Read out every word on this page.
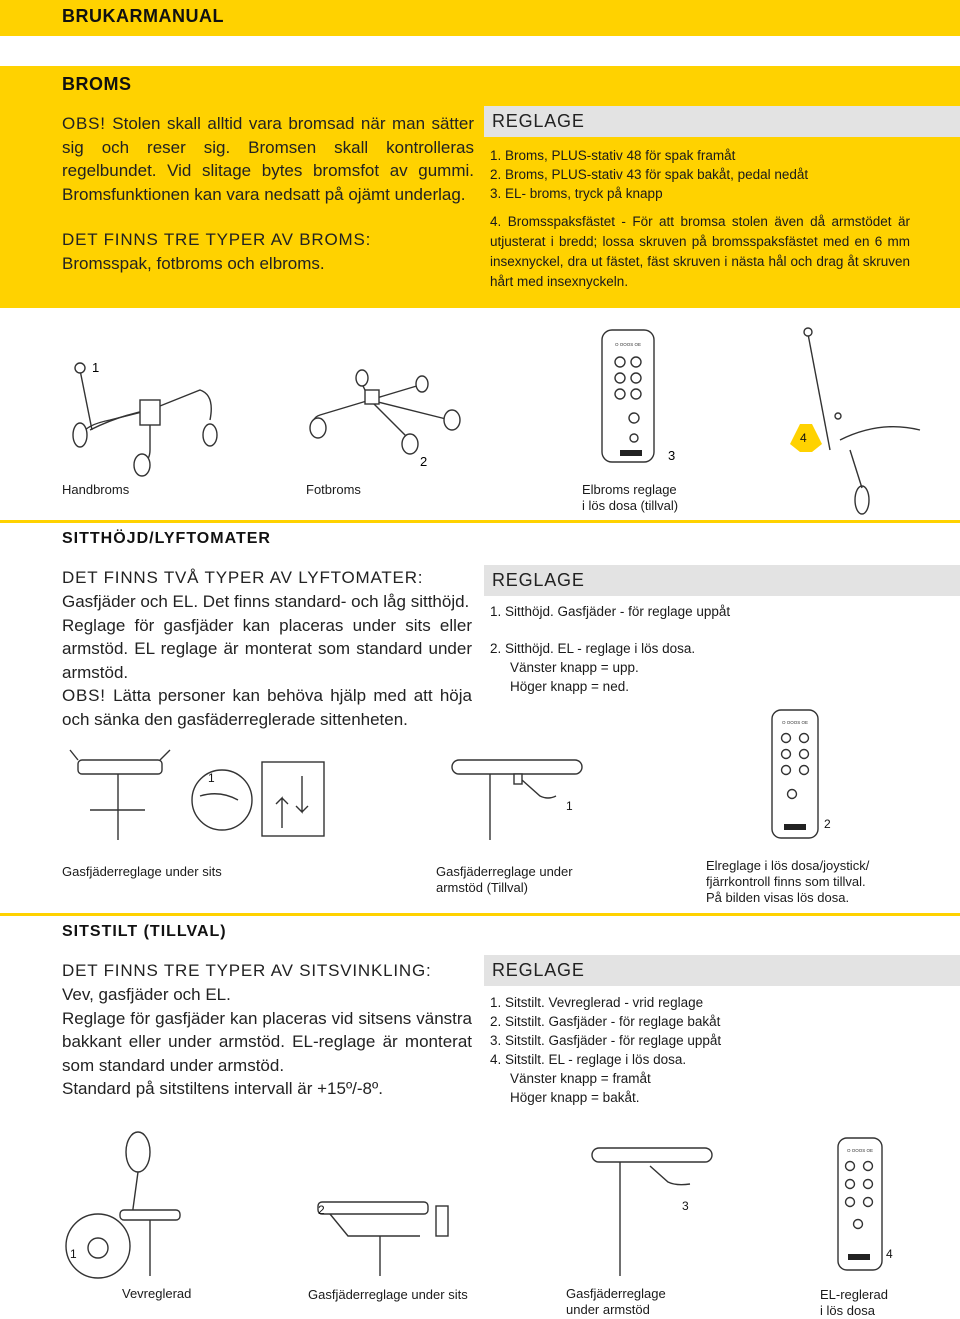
BRUKARMANUAL
BROMS
OBS! Stolen skall alltid vara bromsad när man sätter sig och reser sig. Bromsen skall kontrolleras regelbundet. Vid slitage bytes bromsfot av gummi. Bromsfunktionen kan vara nedsatt på ojämt underlag.
DET FINNS TRE TYPER AV BROMS:
Bromsspak, fotbroms och elbroms.
REGLAGE
1. Broms, PLUS-stativ 48 för spak framåt
2. Broms, PLUS-stativ 43 för spak bakåt, pedal nedåt
3. EL- broms, tryck på knapp
4. Bromsspaksfästet - För att bromsa stolen även då armstödet är utjusterat i bredd; lossa skruven på bromsspaksfästet med en 6 mm insexnyckel, dra ut fästet, fäst skruven i nästa hål och drag åt skruven hårt med insexnyckeln.
O OOOS OE
1
2	3
4
Handbroms	Fotbroms	Elbroms reglage
i lös dosa (tillval)
SITTHÖJD/LYFTOMATER
DET FINNS TVÅ TYPER AV LYFTOMATER:
Gasfjäder och EL. Det finns standard- och låg sitthöjd.
Reglage för gasfjäder kan placeras under sits eller armstöd. EL reglage är monterat som standard under armstöd.
OBS! Lätta personer kan behöva hjälp med att höja och sänka den gasfäderreglerade sittenheten.
REGLAGE
1. Sitthöjd. Gasfjäder - för reglage uppåt
2. Sitthöjd. EL - reglage i lös dosa.
Vänster knapp = upp.
Höger knapp = ned.
O OOOS OE
1
1
2
Gasfjäderreglage under sits	Gasfjäderreglage under
armstöd (Tillval)
Elreglage i lös dosa/joystick/
fjärrkontroll finns som tillval.
På bilden visas lös dosa.
SITSTILT (TILLVAL)
DET FINNS TRE TYPER AV SITSVINKLING:
Vev, gasfjäder och EL.
Reglage för gasfjäder kan placeras vid sitsens vänstra bakkant eller under armstöd. EL-reglage är monterat som standard under armstöd.
Standard på sitstiltens intervall är +15º/-8º.
REGLAGE
1. Sitstilt. Vevreglerad - vrid reglage
2. Sitstilt. Gasfjäder - för reglage bakåt
3. Sitstilt. Gasfjäder - för reglage uppåt
4. Sitstilt. EL - reglage i lös dosa.
Vänster knapp = framåt
Höger knapp = bakåt.
O OOOS OE
1
2	3
4
Vevreglerad	Gasfjäderreglage under sits	Gasfjäderreglage
under armstöd
EL-reglerad
i lös dosa
